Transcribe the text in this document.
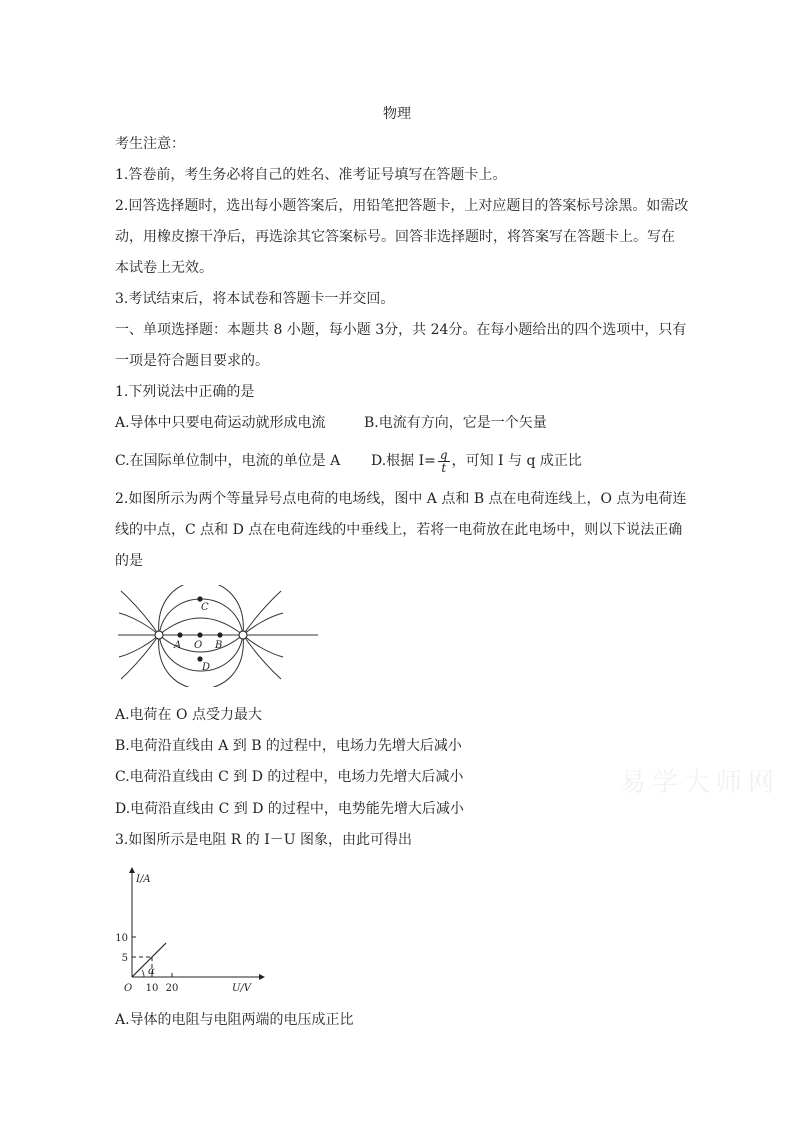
物理
考生注意：
1.答卷前，考生务必将自己的姓名、准考证号填写在答题卡上。
2.回答选择题时，选出每小题答案后，用铅笔把答题卡，上对应题目的答案标号涂黑。如需改
动，用橡皮擦干净后，再选涂其它答案标号。回答非选择题时，将答案写在答题卡上。写在
本试卷上无效。
3.考试结束后，将本试卷和答题卡一并交回。
一、单项选择题：本题共 8 小题，每小题 3分，共 24分。在每小题给出的四个选项中，只有
一项是符合题目要求的。
1.下列说法中正确的是
A.导体中只要电荷运动就形成电流	B.电流有方向，它是一个矢量
C.在国际单位制中，电流的单位是 A D.根据 $I= \frac{q}{t}$ ，可知 I 与 q 成正比
2.如图所示为两个等量异号点电荷的电场线，图中 A 点和 B 点在电荷连线上，O 点为电荷连
线的中点，C 点和 D 点在电荷连线的中垂线上，若将一电荷放在此电场中，则以下说法正确
的是
C
A O B
D
A.电荷在 O 点受力最大
B.电荷沿直线由 A 到 B 的过程中，电场力先增大后减小
C.电荷沿直线由 C 到 D 的过程中，电场力先增大后减小
D.电荷沿直线由 C 到 D 的过程中，电势能先增大后减小
3.如图所示是电阻 R 的 I－U 图象，由此可得出
α
I/A
U/V
O
5
10
10 20
A.导体的电阻与电阻两端的电压成正比
易学大师网
